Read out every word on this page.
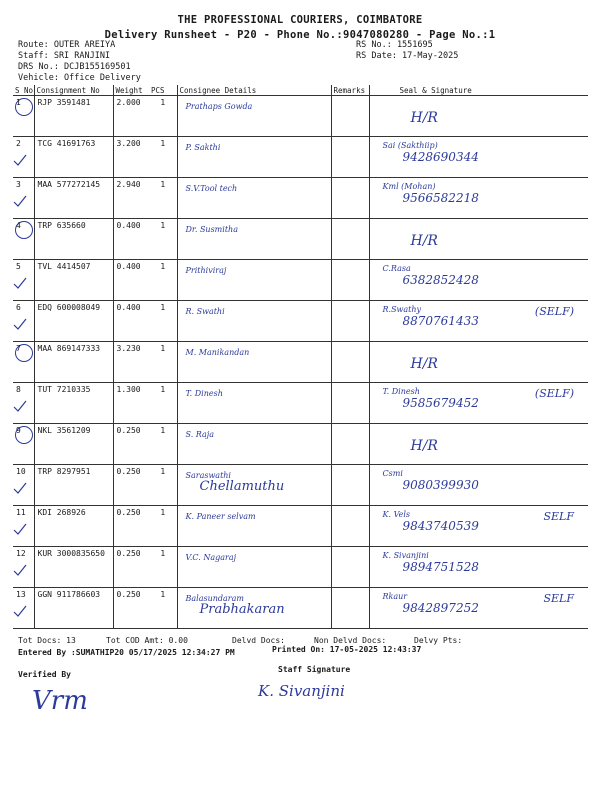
THE PROFESSIONAL COURIERS, COIMBATORE
Delivery Runsheet - P20 - Phone No.:9047080280 - Page No.:1
Route: OUTER AREIYA
Staff: SRI RANJINI
DRS No.: DCJB155169501
Vehicle: Office Delivery
RS No.: 1551695
RS Date: 17-May-2025
S No	Consignment No	Weight	PCS	Consignee Details	Remarks	Seal & Signature
1	RJP 3591481	2.000	1	Prathaps Gowda		H/R

2	TCG 41691763	3.200	1	P. Sakthi		Sai (Sakthiip)
9428690344

3	MAA 577272145	2.940	1	S.V.Tool tech		Kml (Mohan)
9566582218

4	TRP 635660	0.400	1	Dr. Susmitha		H/R

5	TVL 4414507	0.400	1	Prithiviraj		C.Rasa
6382852428

6	EDQ 600008049	0.400	1	R. Swathi		R.Swathy
8870761433
(SELF)

7	MAA 869147333	3.230	1	M. Manikandan		H/R

8	TUT 7210335	1.300	1	T. Dinesh		T. Dinesh
9585679452
(SELF)

9	NKL 3561209	0.250	1	S. Raja		H/R

10	TRP 8297951	0.250	1	Saraswathi
Chellamuthu		Csmi
9080399930

11	KDI 268926	0.250	1	K. Paneer selvam		K. Vels
9843740539
SELF

12	KUR 3000835650	0.250	1	V.C. Nagaraj		K. Sivanjini
9894751528

13	GGN 911786603	0.250	1	Balasundaram
Prabhakaran		Rkaur
9842897252
SELF
Tot Docs: 13	Tot COD Amt: 0.00	Delvd Docs:	Non Delvd Docs:	Delvy Pts:
Entered By :SUMATHIP20 05/17/2025 12:34:27 PM	Printed On: 17-05-2025 12:43:37
Verified By
Staff Signature
Vrm	K. Sivanjini
